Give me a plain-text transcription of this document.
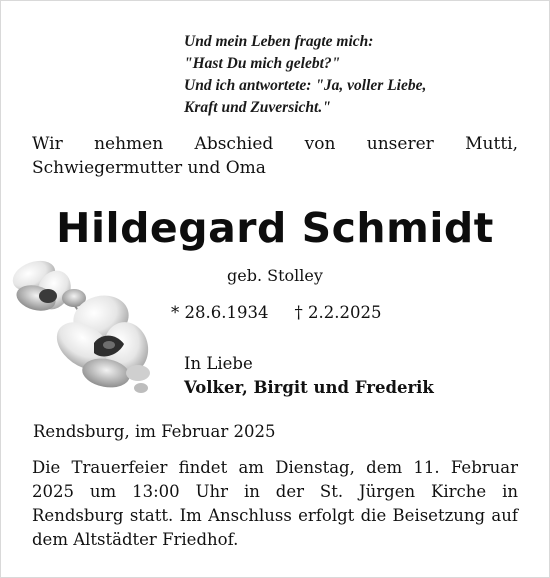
Und mein Leben fragte mich:
"Hast Du mich gelebt?"
Und ich antwortete: "Ja, voller Liebe,
Kraft und Zuversicht."
Wir nehmen Abschied von unserer Mutti, Schwiegermutter und Oma
Hildegard Schmidt
geb. Stolley
* 28.6.1934 † 2.2.2025
In Liebe
Volker, Birgit und Frederik
Rendsburg, im Februar 2025
Die Trauerfeier findet am Dienstag, dem 11. Februar 2025 um 13:00 Uhr in der St. Jürgen Kirche in Rendsburg statt. Im Anschluss erfolgt die Beisetzung auf dem Altstädter Friedhof.
